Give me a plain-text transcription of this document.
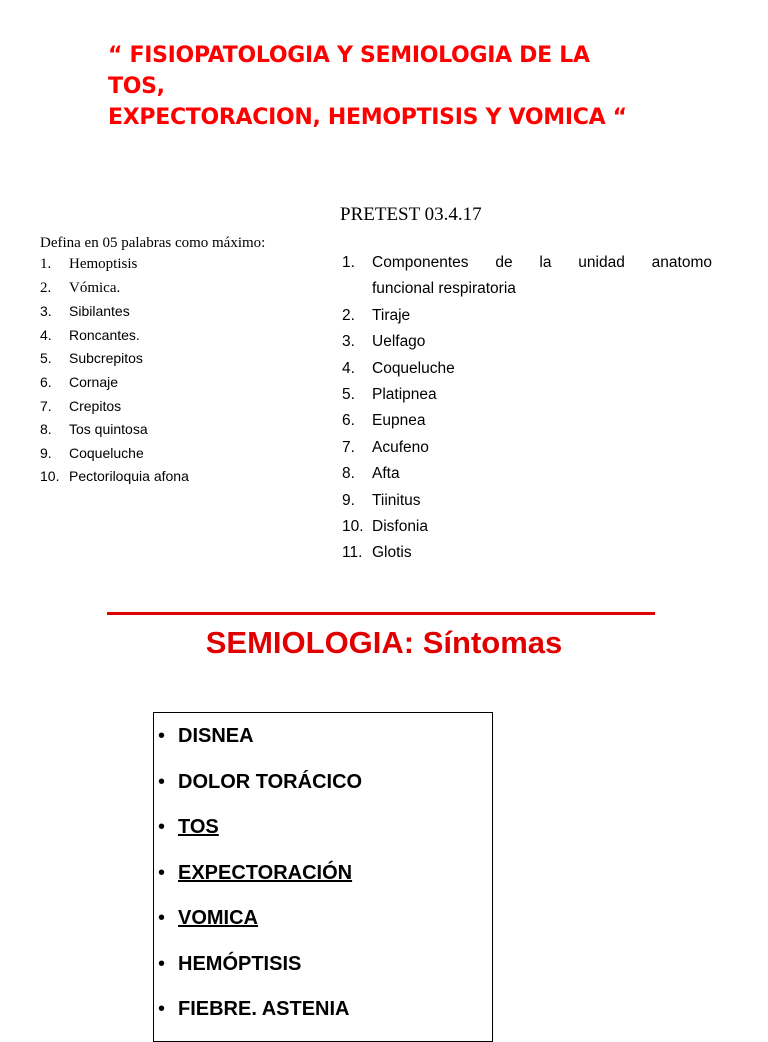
“ FISIOPATOLOGIA Y SEMIOLOGIA DE LA
TOS,
EXPECTORACION, HEMOPTISIS Y VOMICA “
PRETEST 03.4.17
Defina en 05 palabras como máximo:
1. Hemoptisis
2. Vómica.
3. Sibilantes
4. Roncantes.
5. Subcrepitos
6. Cornaje
7. Crepitos
8. Tos quintosa
9. Coqueluche
10. Pectoriloquia afona
1. Componentes de la unidad anatomo
funcional respiratoria
2. Tiraje
3. Uelfago
4. Coqueluche
5. Platipnea
6. Eupnea
7. Acufeno
8. Afta
9. Tiinitus
10. Disfonia
11. Glotis
SEMIOLOGIA: Síntomas
• DISNEA
• DOLOR TORÁCICO
• TOS
• EXPECTORACIÓN
• VOMICA
• HEMÓPTISIS
• FIEBRE. ASTENIA
